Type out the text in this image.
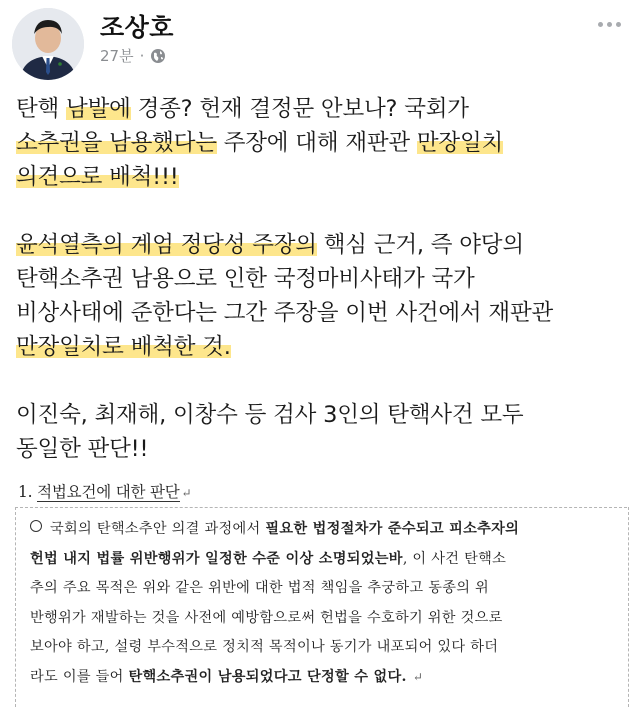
조상호
27분 ·

탄핵 남발에 경종? 헌재 결정문 안보나? 국회가

소추권을 남용했다는 주장에 대해 재판관 만장일치

의견으로 배척!!!

윤석열측의 계엄 정당성 주장의 핵심 근거, 즉 야당의

탄핵소추권 남용으로 인한 국정마비사태가 국가

비상사태에 준한다는 그간 주장을 이번 사건에서 재판관

만장일치로 배척한 것.

이진숙, 최재해, 이창수 등 검사 3인의 탄핵사건 모두

동일한 판단!!

1. 적법요건에 대한 판단 ↵
국회의 탄핵소추안 의결 과정에서 필요한 법정절차가 준수되고 피소추자의
헌법 내지 법률 위반행위가 일정한 수준 이상 소명되었는바, 이 사건 탄핵소
추의 주요 목적은 위와 같은 위반에 대한 법적 책임을 추궁하고 동종의 위
반행위가 재발하는 것을 사전에 예방함으로써 헌법을 수호하기 위한 것으로
보아야 하고, 설령 부수적으로 정치적 목적이나 동기가 내포되어 있다 하더
라도 이를 들어 탄핵소추권이 남용되었다고 단정할 수 없다. ↵
